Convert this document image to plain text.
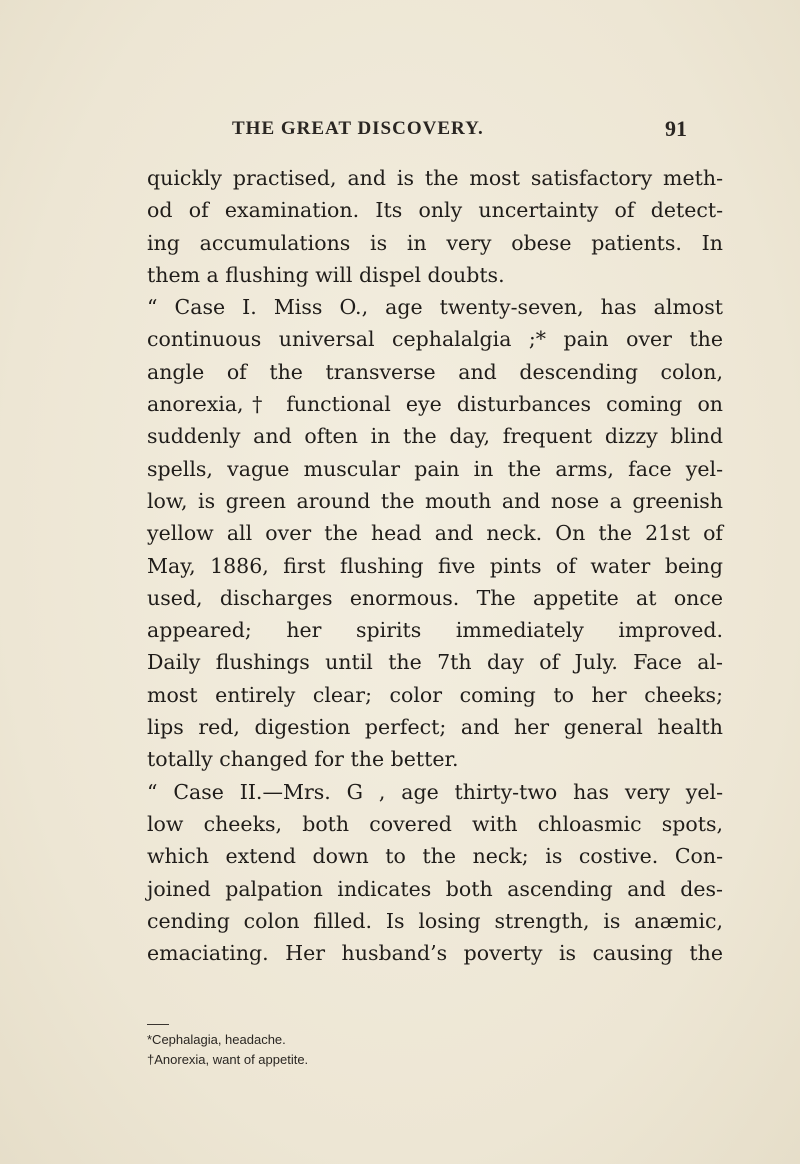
THE GREAT DISCOVERY.	91
quickly practised, and is the most satisfactory meth-
od of examination. Its only uncertainty of detect-
ing accumulations is in very obese patients. In
them a flushing will dispel doubts.
“ Case I. Miss O., age twenty-seven, has almost
continuous universal cephalalgia ;* pain over the
angle of the transverse and descending colon,
anorexia,† functional eye disturbances coming on
suddenly and often in the day, frequent dizzy blind
spells, vague muscular pain in the arms, face yel-
low, is green around the mouth and nose a greenish
yellow all over the head and neck. On the 21st of
May, 1886, first flushing five pints of water being
used, discharges enormous. The appetite at once
appeared; her spirits immediately improved.
Daily flushings until the 7th day of July. Face al-
most entirely clear; color coming to her cheeks;
lips red, digestion perfect; and her general health
totally changed for the better.
“ Case II.—Mrs. G , age thirty-two has very yel-
low cheeks, both covered with chloasmic spots,
which extend down to the neck; is costive. Con-
joined palpation indicates both ascending and des-
cending colon filled. Is losing strength, is anæmic,
emaciating. Her husband’s poverty is causing the
*Cephalagia, headache.
†Anorexia, want of appetite.
